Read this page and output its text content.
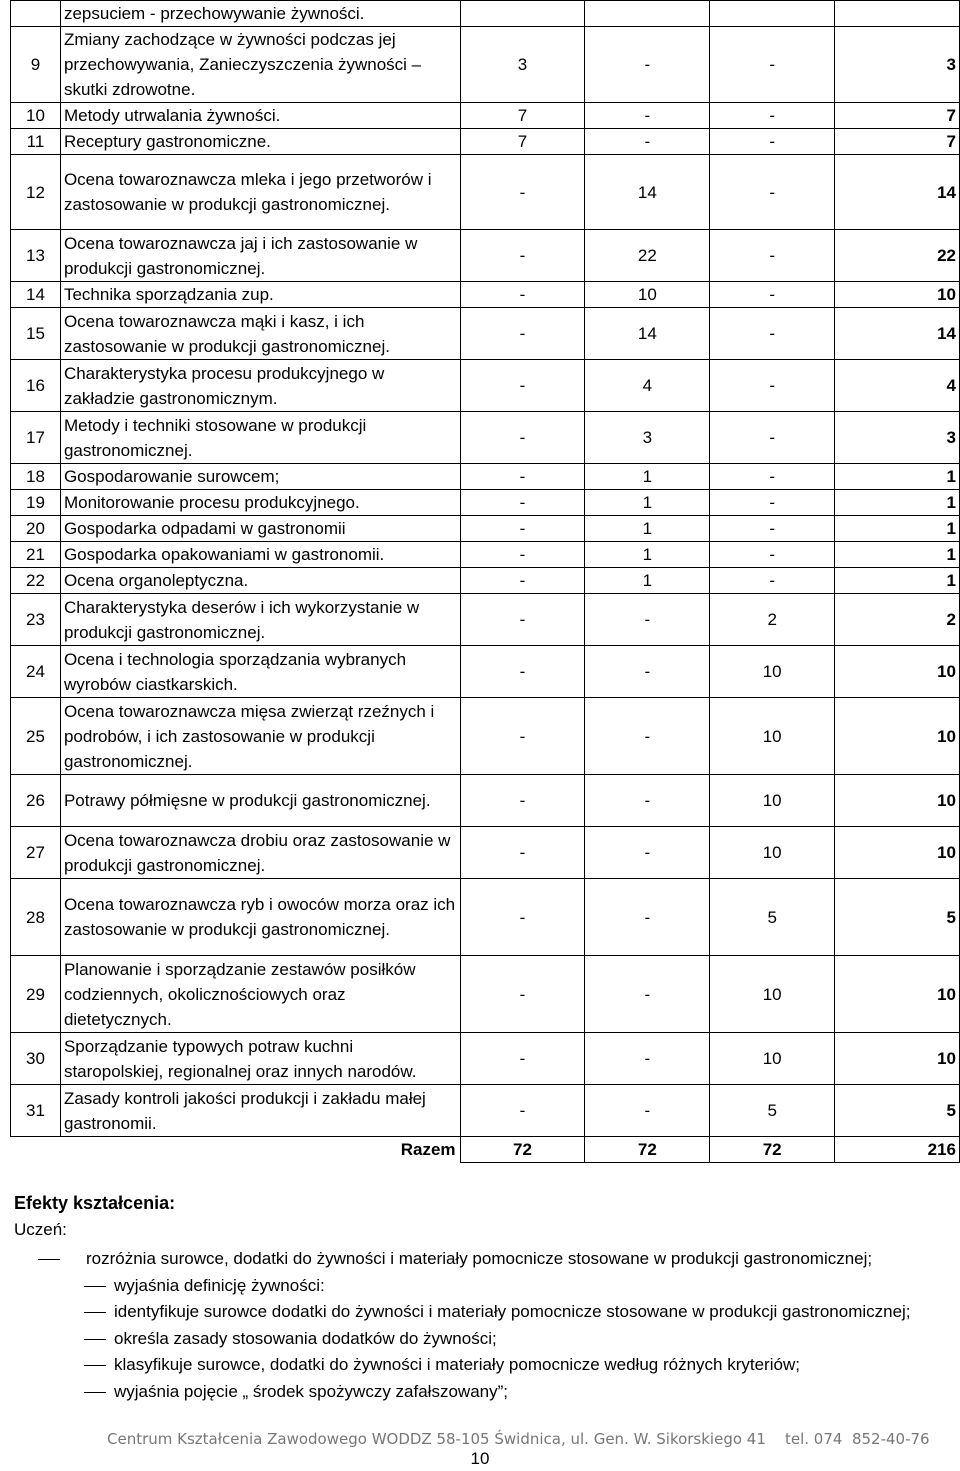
	zepsuciem - przechowywanie żywności.				
9	Zmiany zachodzące w żywności podczas jej przechowywania, Zanieczyszczenia żywności – skutki zdrowotne.	3	-	-	3
10	Metody utrwalania żywności.	7	-	-	7
11	Receptury gastronomiczne.	7	-	-	7
12	Ocena towaroznawcza mleka i jego przetworów i zastosowanie w produkcji gastronomicznej.	-	14	-	14
13	Ocena towaroznawcza jaj i ich zastosowanie w produkcji gastronomicznej.	-	22	-	22
14	Technika sporządzania zup.	-	10	-	10
15	Ocena towaroznawcza mąki i kasz, i ich zastosowanie w produkcji gastronomicznej.	-	14	-	14
16	Charakterystyka procesu produkcyjnego w zakładzie gastronomicznym.	-	4	-	4
17	Metody i techniki stosowane w produkcji gastronomicznej.	-	3	-	3
18	Gospodarowanie surowcem;	-	1	-	1
19	Monitorowanie procesu produkcyjnego.	-	1	-	1
20	Gospodarka odpadami w gastronomii	-	1	-	1
21	Gospodarka opakowaniami w gastronomii.	-	1	-	1
22	Ocena organoleptyczna.	-	1	-	1
23	Charakterystyka deserów i ich wykorzystanie w produkcji gastronomicznej.	-	-	2	2
24	Ocena i technologia sporządzania wybranych wyrobów ciastkarskich.	-	-	10	10
25	Ocena towaroznawcza mięsa zwierząt rzeźnych i podrobów, i ich zastosowanie w produkcji gastronomicznej.	-	-	10	10
26	Potrawy półmięsne w produkcji gastronomicznej.	-	-	10	10
27	Ocena towaroznawcza drobiu oraz zastosowanie w produkcji gastronomicznej.	-	-	10	10
28	Ocena towaroznawcza ryb i owoców morza oraz ich zastosowanie w produkcji gastronomicznej.	-	-	5	5
29	Planowanie i sporządzanie zestawów posiłków codziennych, okolicznościowych oraz dietetycznych.	-	-	10	10
30	Sporządzanie typowych potraw kuchni staropolskiej, regionalnej oraz innych narodów.	-	-	10	10
31	Zasady kontroli jakości produkcji i zakładu małej gastronomii.	-	-	5	5
	Razem	72	72	72	216
Efekty kształcenia:
Uczeń:
rozróżnia surowce, dodatki do żywności i materiały pomocnicze stosowane w produkcji gastronomicznej;
wyjaśnia definicję żywności:
identyfikuje surowce dodatki do żywności i materiały pomocnicze stosowane w produkcji gastronomicznej;
określa zasady stosowania dodatków do żywności;
klasyfikuje surowce, dodatki do żywności i materiały pomocnicze według różnych kryteriów;
wyjaśnia pojęcie „ środek spożywczy zafałszowany”;
Centrum Kształcenia Zawodowego WODDZ 58-105 Świdnica, ul. Gen. W. Sikorskiego 41    tel. 074  852-40-76
10
